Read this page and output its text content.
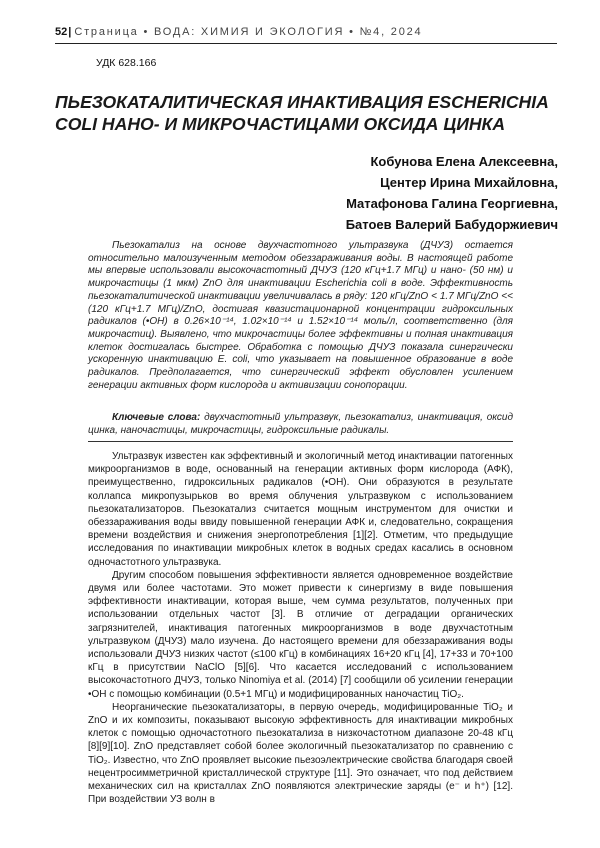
52| Страница • ВОДА: ХИМИЯ И ЭКОЛОГИЯ • №4, 2024
УДК 628.166
ПЬЕЗОКАТАЛИТИЧЕСКАЯ ИНАКТИВАЦИЯ ESCHERICHIA COLI НАНО- И МИКРОЧАСТИЦАМИ ОКСИДА ЦИНКА
Кобунова Елена Алексеевна,
Центер Ирина Михайловна,
Матафонова Галина Георгиевна,
Батоев Валерий Бабудоржиевич

Пьезокатализ на основе двухчастотного ультразвука (ДЧУЗ) остается относительно малоизученным методом обеззараживания воды. В настоящей работе мы впервые использовали высокочастотный ДЧУЗ (120 кГц+1.7 МГц) и нано- (50 нм) и микрочастицы (1 мкм) ZnO для инактивации Escherichia coli в воде. Эффективность пьезокаталитической инактивации увеличивалась в ряду: 120 кГц/ZnO < 1.7 МГц/ZnO << (120 кГц+1.7 МГц)/ZnO, достигая квазистационарной концентрации гидроксильных радикалов (•OH) в 0.26×10⁻¹⁴, 1.02×10⁻¹⁴ и 1.52×10⁻¹⁴ моль/л, соответственно (для микрочастиц). Выявлено, что микрочастицы более эффективны и полная инактивация клеток достигалась быстрее. Обработка с помощью ДЧУЗ показала синергически ускоренную инактивацию E. coli, что указывает на повышенное образование в воде радикалов. Предполагается, что синергический эффект обусловлен усилением генерации активных форм кислорода и активизации сонопорации.

Ключевые слова: двухчастотный ультразвук, пьезокатализ, инактивация, оксид цинка, наночастицы, микрочастицы, гидроксильные радикалы.

Ультразвук известен как эффективный и экологичный метод инактивации патогенных микроорганизмов в воде, основанный на генерации активных форм кислорода (АФК), преимущественно, гидроксильных радикалов (•OH). Они образуются в результате коллапса микропузырьков во время облучения ультразвуком с использованием пьезокатализаторов. Пьезокатализ считается мощным инструментом для очистки и обеззараживания воды ввиду повышенной генерации АФК и, следовательно, сокращения времени воздействия и снижения энергопотребления [1][2]. Отметим, что предыдущие исследования по инактивации микробных клеток в водных средах касались в основном одночастотного ультразвука.

Другим способом повышения эффективности является одновременное воздействие двумя или более частотами. Это может привести к синергизму в виде повышения эффективности инактивации, которая выше, чем сумма результатов, полученных при использовании отдельных частот [3]. В отличие от деградации органических загрязнителей, инактивация патогенных микроорганизмов в воде двухчастотным ультразвуком (ДЧУЗ) мало изучена. До настоящего времени для обеззараживания воды использовали ДЧУЗ низких частот (≤100 кГц) в комбинациях 16+20 кГц [4], 17+33 и 70+100 кГц в присутствии NaClO [5][6]. Что касается исследований с использованием высокочастотного ДЧУЗ, только Ninomiya et al. (2014) [7] сообщили об усилении генерации •OH с помощью комбинации (0.5+1 МГц) и модифицированных наночастиц TiO₂.

Неорганические пьезокатализаторы, в первую очередь, модифицированные TiO₂ и ZnO и их композиты, показывают высокую эффективность для инактивации микробных клеток с помощью одночастотного пьезокатализа в низкочастотном диапазоне 20-48 кГц [8][9][10]. ZnO представляет собой более экологичный пьезокатализатор по сравнению с TiO₂. Известно, что ZnO проявляет высокие пьезоэлектрические свойства благодаря своей нецентросимметричной кристаллической структуре [11]. Это означает, что под действием механических сил на кристаллах ZnO появляются электрические заряды (e⁻ и h⁺) [12]. При воздействии УЗ волн в
